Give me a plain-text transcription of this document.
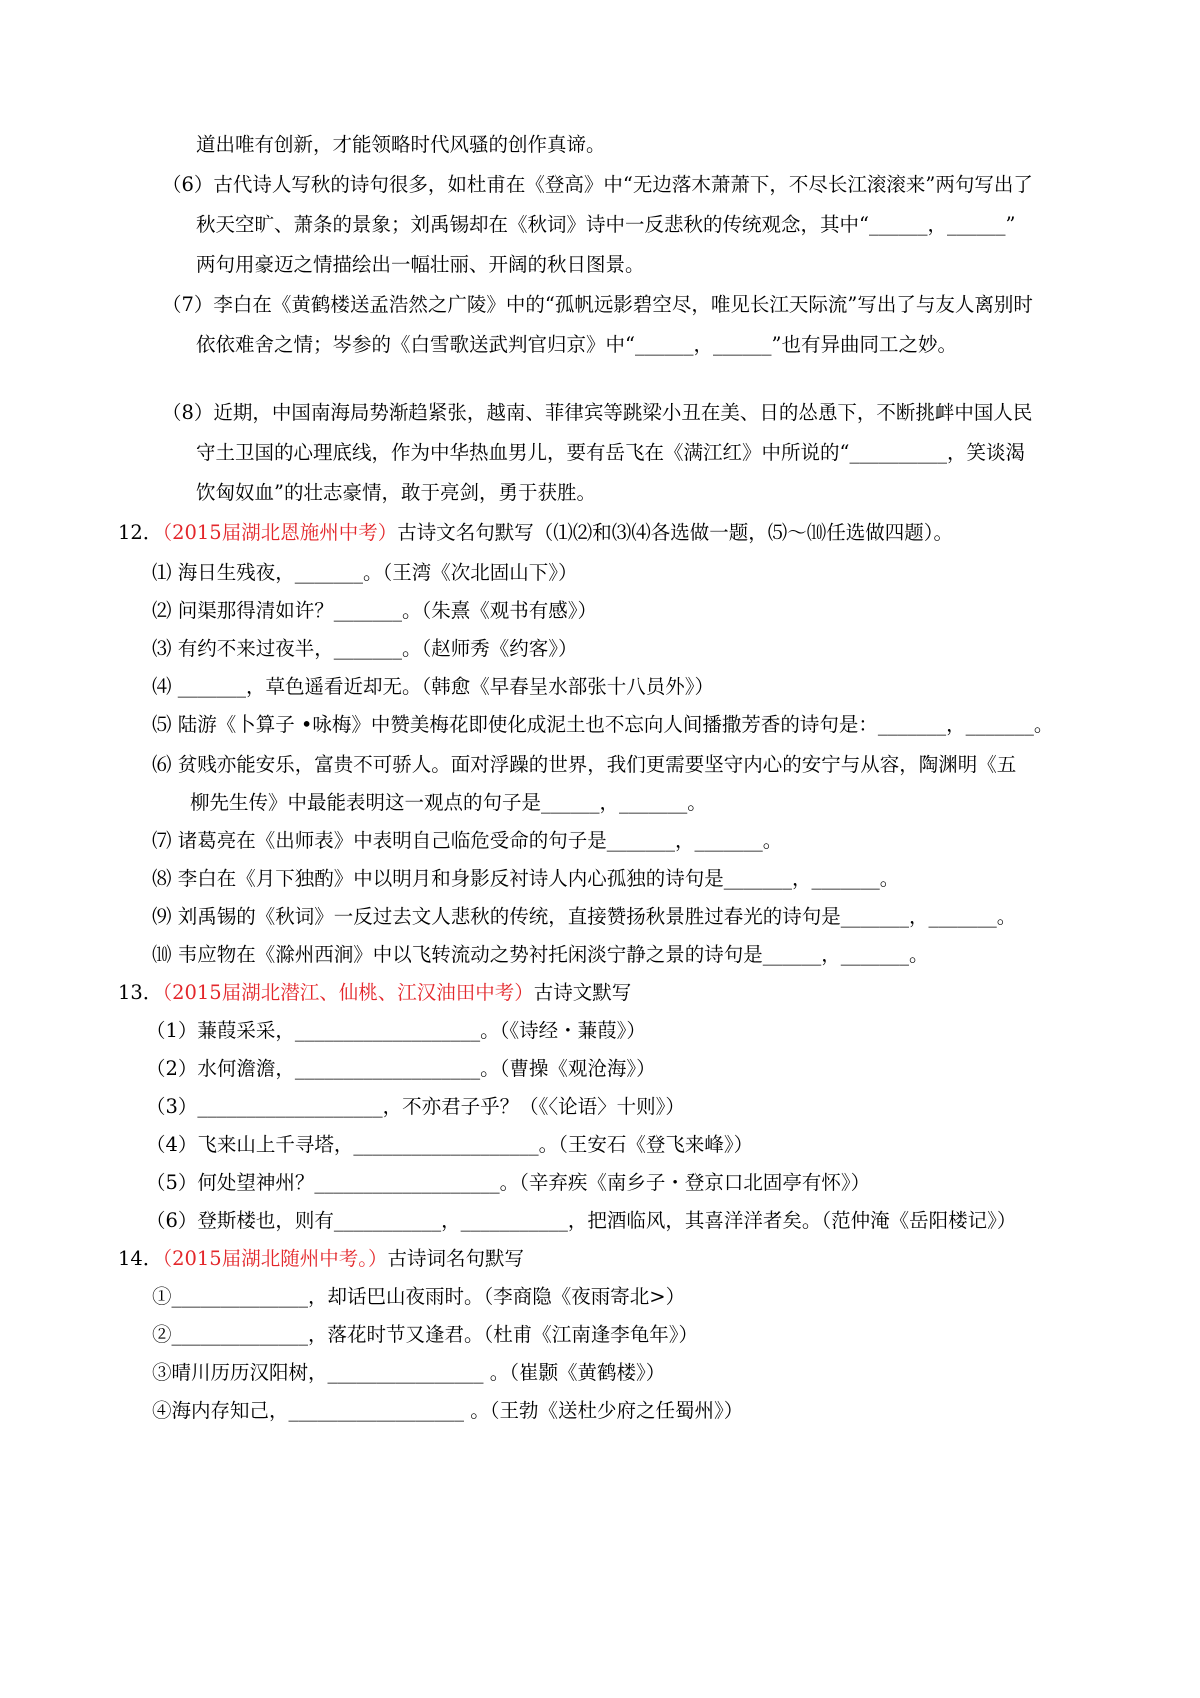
道出唯有创新，才能领略时代风骚的创作真谛。
（6）古代诗人写秋的诗句很多，如杜甫在《登高》中“无边落木萧萧下，不尽长江滚滚来”两句写出了
秋天空旷、萧条的景象；刘禹锡却在《秋词》诗中一反悲秋的传统观念，其中“______，______”
两句用豪迈之情描绘出一幅壮丽、开阔的秋日图景。
（7）李白在《黄鹤楼送孟浩然之广陵》中的“孤帆远影碧空尽，唯见长江天际流”写出了与友人离别时
依依难舍之情；岑参的《白雪歌送武判官归京》中“______，______”也有异曲同工之妙。
（8）近期，中国南海局势渐趋紧张，越南、菲律宾等跳梁小丑在美、日的怂恿下，不断挑衅中国人民
守土卫国的心理底线，作为中华热血男儿，要有岳飞在《满江红》中所说的“__________，笑谈渴
饮匈奴血”的壮志豪情，敢于亮剑，勇于获胜。
12．（2015届湖北恩施州中考）古诗文名句默写（⑴⑵和⑶⑷各选做一题，⑸～⑽任选做四题）。
⑴ 海日生残夜，_______。（王湾《次北固山下》）
⑵ 问渠那得清如许？_______。（朱熹《观书有感》）
⑶ 有约不来过夜半，_______。（赵师秀《约客》）
⑷ _______，草色遥看近却无。（韩愈《早春呈水部张十八员外》）
⑸ 陆游《卜算子 •咏梅》中赞美梅花即使化成泥土也不忘向人间播撒芳香的诗句是：_______，_______。
⑹ 贫贱亦能安乐，富贵不可骄人。面对浮躁的世界，我们更需要坚守内心的安宁与从容，陶渊明《五
柳先生传》中最能表明这一观点的句子是______，_______。
⑺ 诸葛亮在《出师表》中表明自己临危受命的句子是_______，_______。
⑻ 李白在《月下独酌》中以明月和身影反衬诗人内心孤独的诗句是_______，_______。
⑼ 刘禹锡的《秋词》一反过去文人悲秋的传统，直接赞扬秋景胜过春光的诗句是_______，_______。
⑽ 韦应物在《滁州西涧》中以飞转流动之势衬托闲淡宁静之景的诗句是______，_______。
13．（2015届湖北潜江、仙桃、江汉油田中考）古诗文默写
（1）蒹葭采采，___________________。（《诗经・蒹葭》）
（2）水何澹澹，___________________。（曹操《观沧海》）
（3）___________________，不亦君子乎？（《〈论语〉十则》）
（4）飞来山上千寻塔，___________________。（王安石《登飞来峰》）
（5）何处望神州？___________________。（辛弃疾《南乡子・登京口北固亭有怀》）
（6）登斯楼也，则有___________，___________，把酒临风，其喜洋洋者矣。（范仲淹《岳阳楼记》）
14．（2015届湖北随州中考。）古诗词名句默写
①______________，却话巴山夜雨时。（李商隐《夜雨寄北>）
②______________，落花时节又逢君。（杜甫《江南逢李龟年》）
③晴川历历汉阳树，________________ 。（崔颢《黄鹤楼》）
④海内存知己，__________________ 。（王勃《送杜少府之任蜀州》）
